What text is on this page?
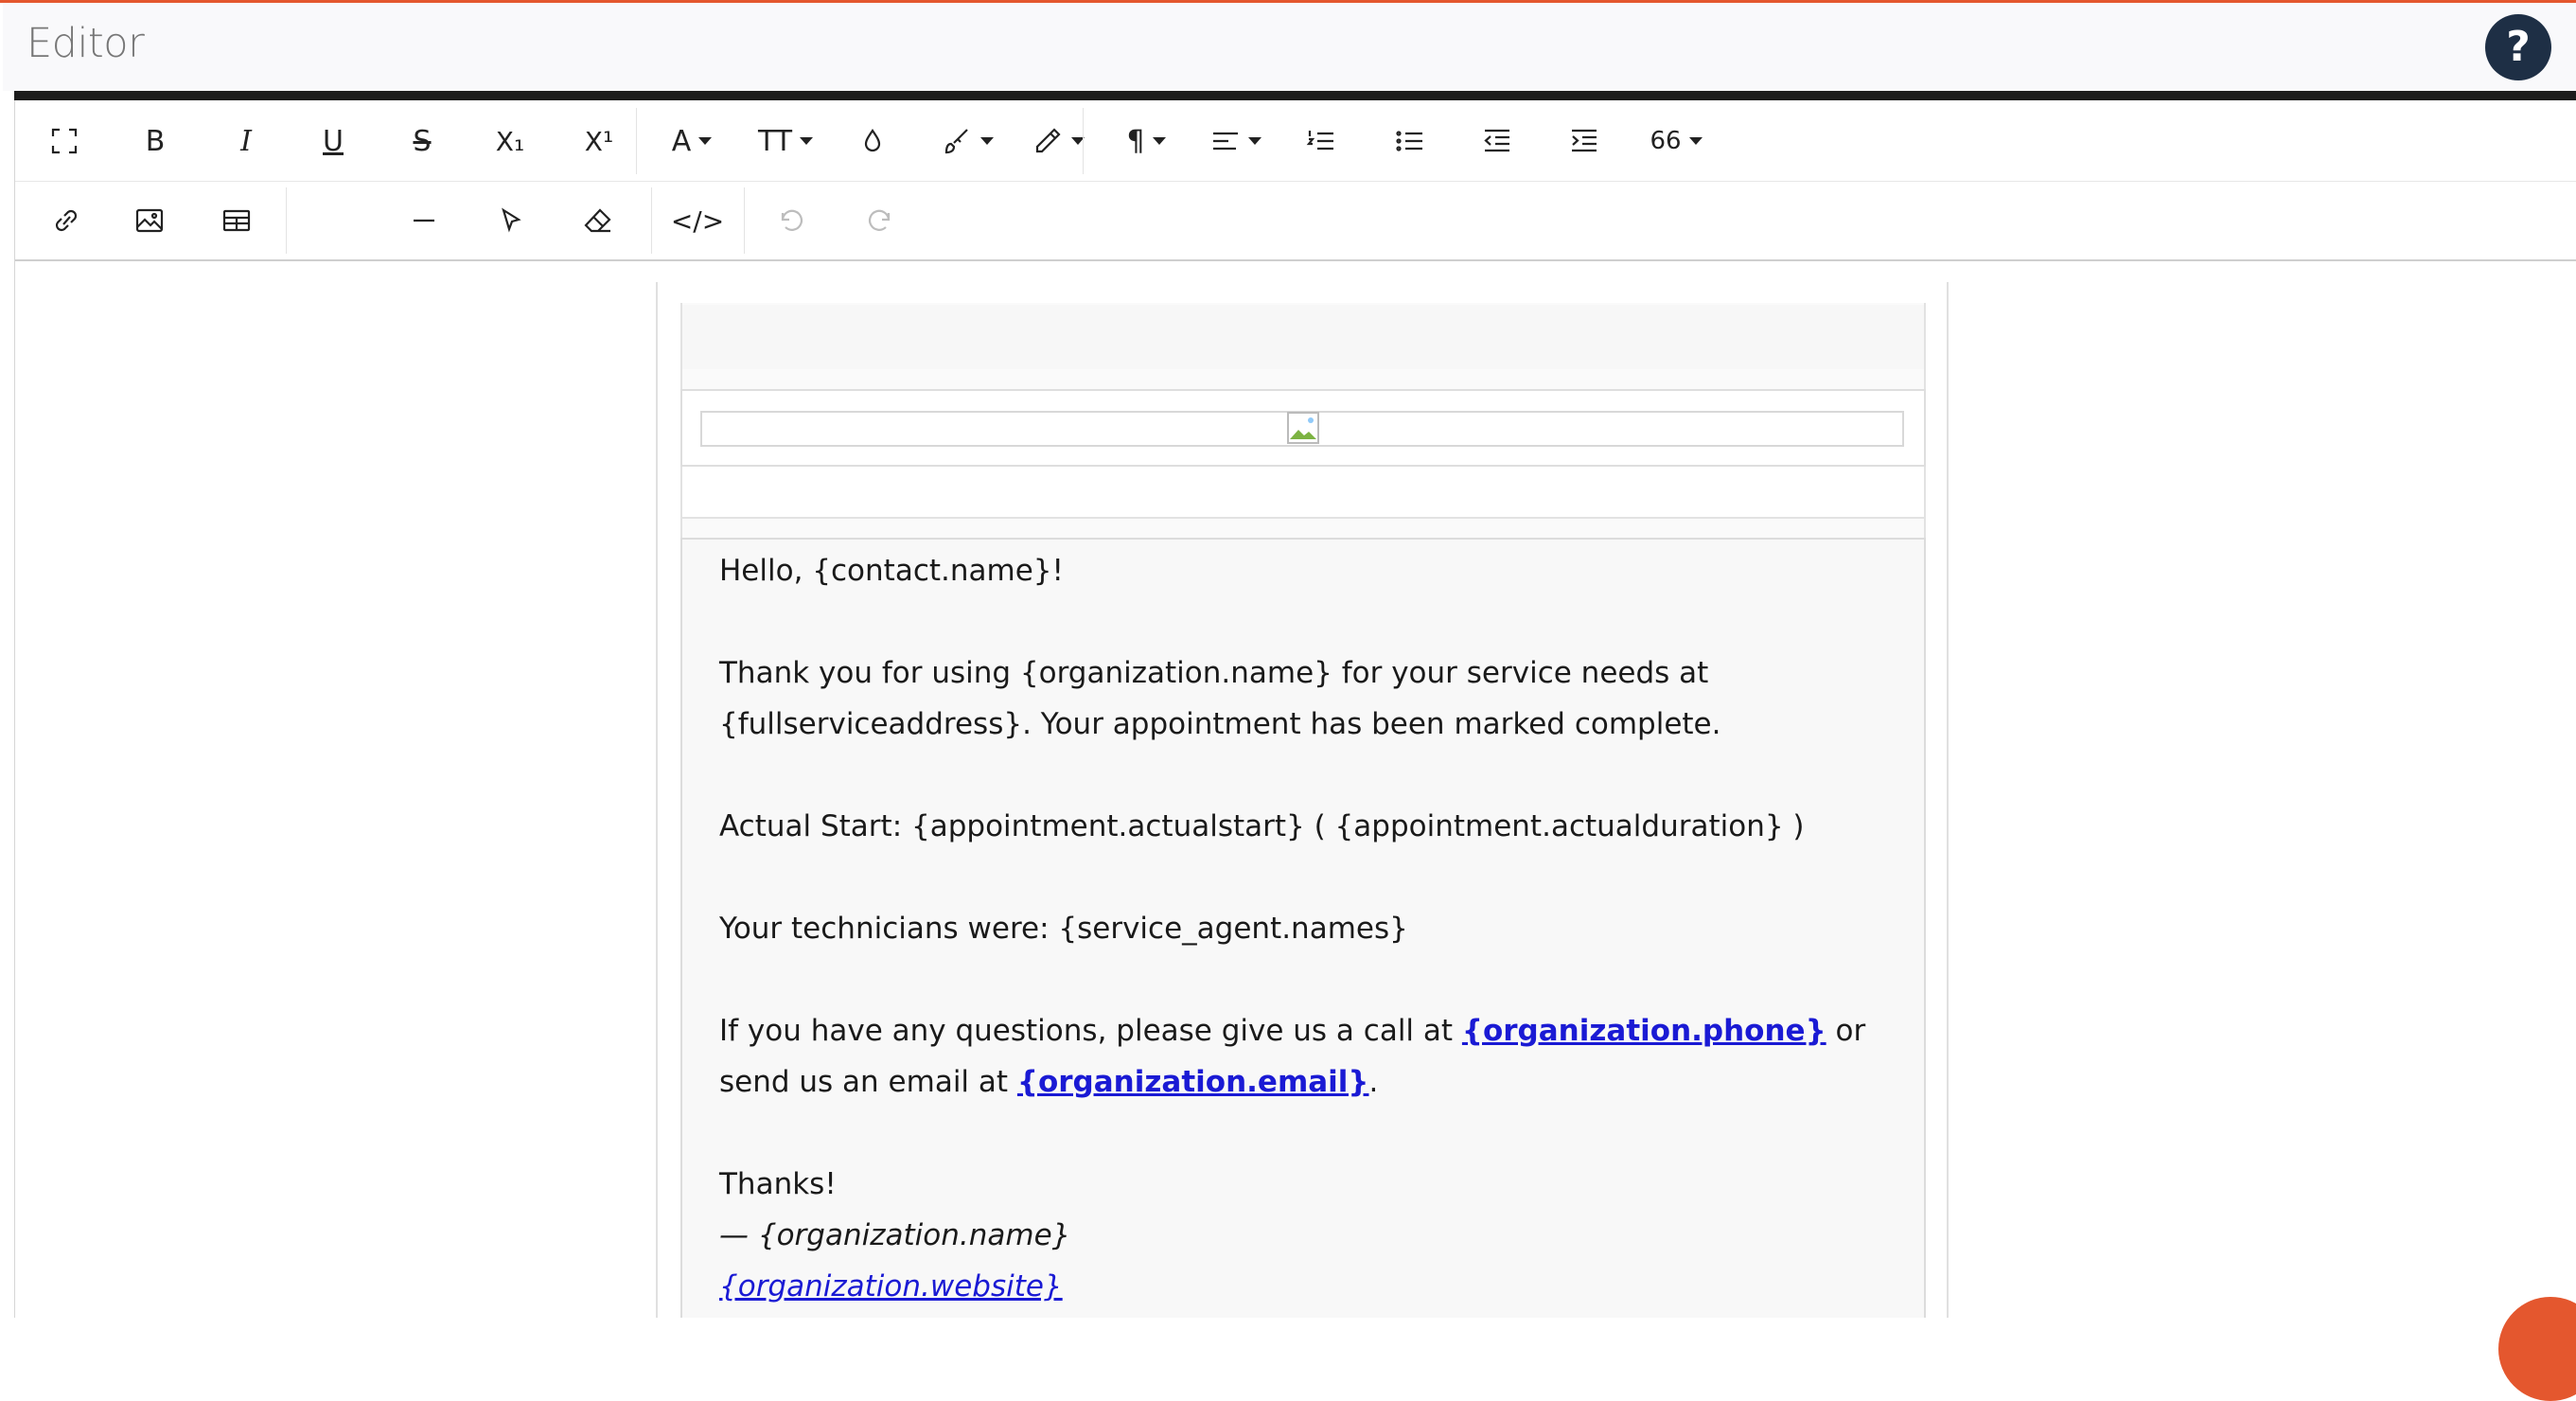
Editor	?
B	I	U	S	X₁	X¹	A TT	¶	66
</>

Hello, {contact.name}!

Thank you for using {organization.name} for your service needs at {fullserviceaddress}. Your appointment has been marked complete.

Actual Start: {appointment.actualstart} ( {appointment.actualduration} )

Your technicians were: {service_agent.names}

If you have any questions, please give us a call at {organization.phone} or send us an email at {organization.email}.

Thanks!

— {organization.name}

{organization.website}
